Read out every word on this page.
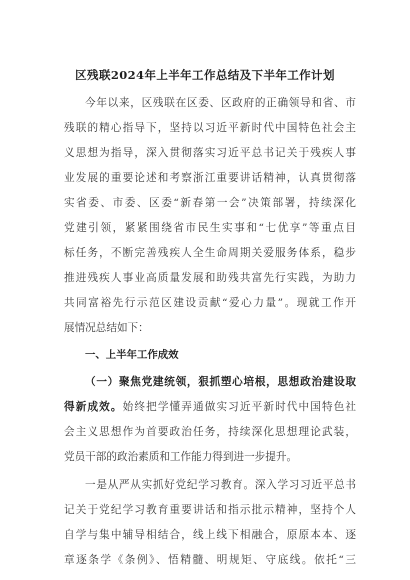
区残联2024年上半年工作总结及下半年工作计划
今年以来，区残联在区委、区政府的正确领导和省、市
残联的精心指导下，坚持以习近平新时代中国特色社会主
义思想为指导，深入贯彻落实习近平总书记关于残疾人事
业发展的重要论述和考察浙江重要讲话精神，认真贯彻落
实省委、市委、区委“新春第一会”决策部署，持续深化
党建引领，紧紧围绕省市民生实事和“七优享”等重点目
标任务，不断完善残疾人全生命周期关爱服务体系，稳步
推进残疾人事业高质量发展和助残共富先行实践，为助力
共同富裕先行示范区建设贡献“爱心力量”。现就工作开
展情况总结如下：
一、上半年工作成效
（一）聚焦党建统领，狠抓塑心培根，思想政治建设取
得新成效。始终把学懂弄通做实习近平新时代中国特色社
会主义思想作为首要政治任务，持续深化思想理论武装，
党员干部的政治素质和工作能力得到进一步提升。
一是从严从实抓好党纪学习教育。深入学习习近平总书
记关于党纪学习教育重要讲话和指示批示精神，坚持个人
自学与集中辅导相结合，线上线下相融合，原原本本、逐
章逐条学《条例》、悟精髓、明规矩、守底线。依托“三
